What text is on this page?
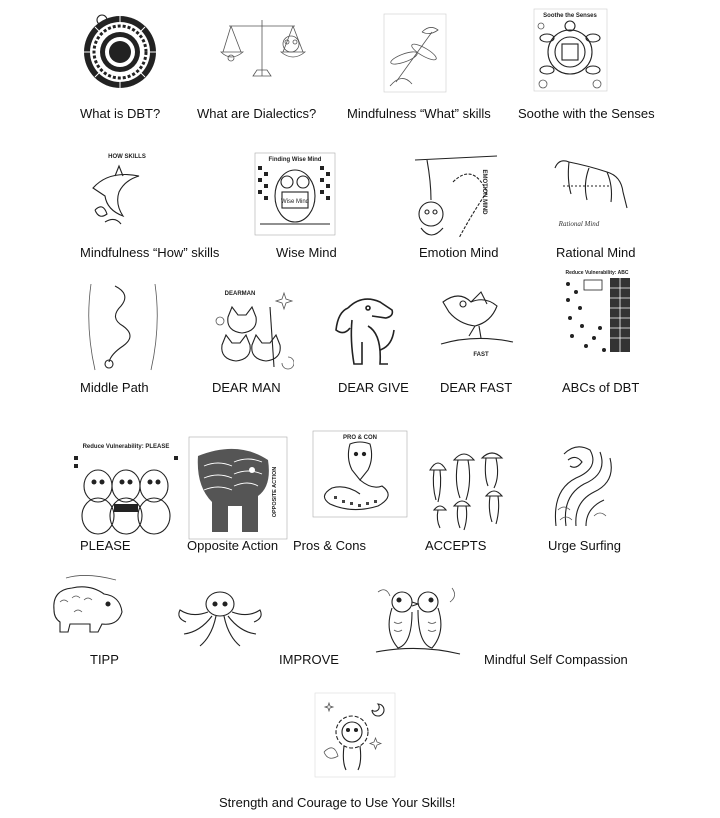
What is DBT?	What are Dialectics? Mindfulness “What” skills
Soothe the Senses
Soothe with the Senses
HOW SKILLS
Mindfulness “How” skills
Finding Wise Mind
Wise Mind
Wise Mind
EMOTION MIND
Emotion Mind
Rational Mind
Rational Mind
Middle Path
DEARMAN
DEAR MAN	DEAR GIVE
FAST
DEAR FAST
Reduce Vulnerability: ABC
ABCs of DBT
Reduce Vulnerability: PLEASE
PLEASE
OPPOSITE ACTION
Opposite Action
PRO & CON
Pros & Cons	ACCEPTS	Urge Surfing
TIPP	IMPROVE	Mindful Self Compassion
Strength and Courage to Use Your Skills!
